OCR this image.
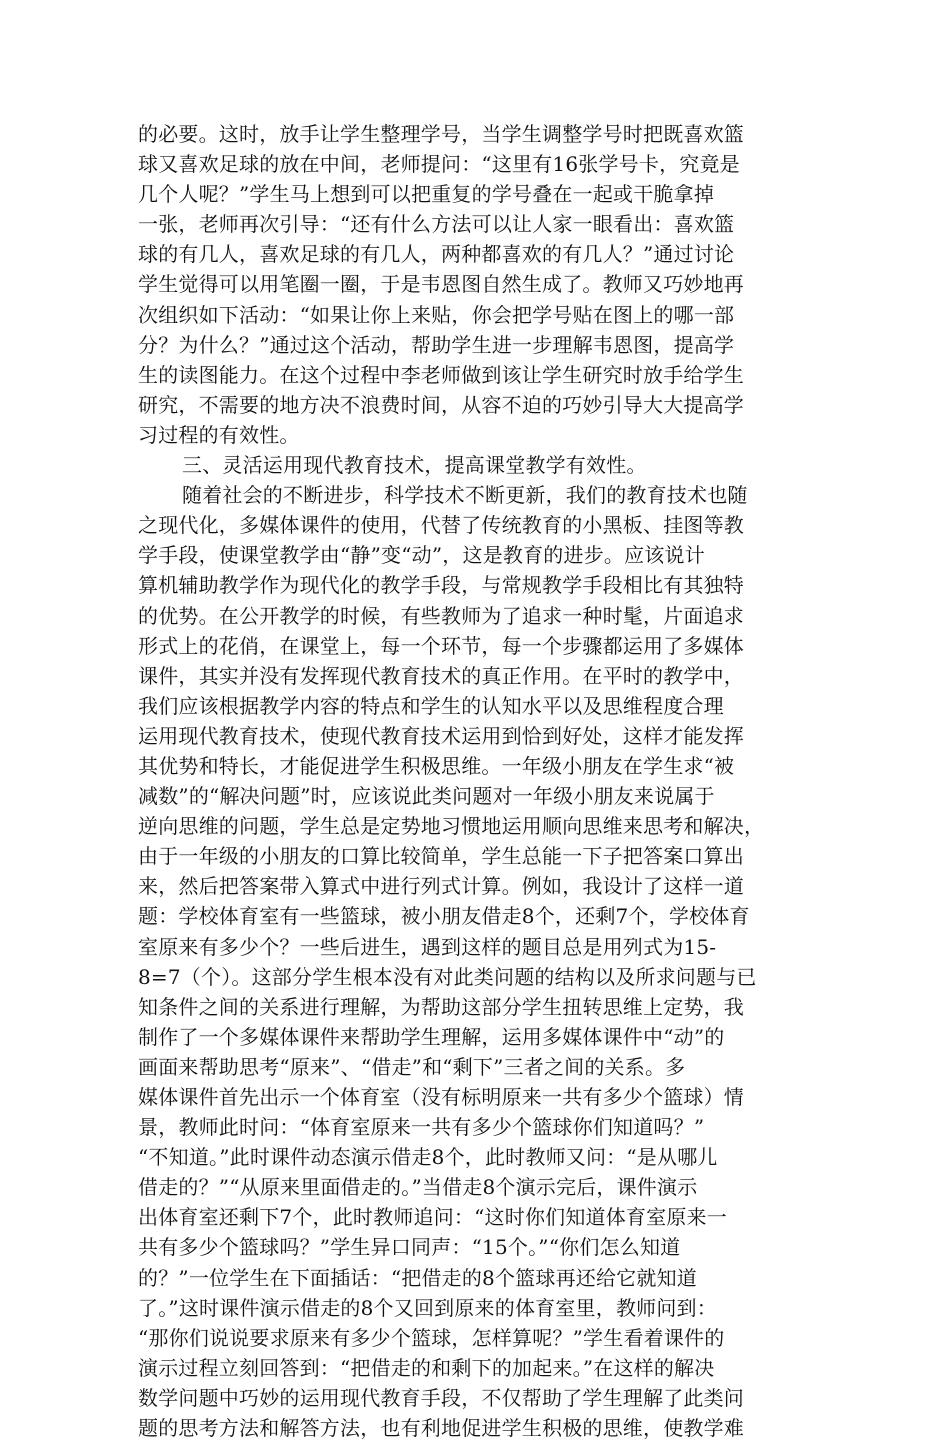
的必要。这时，放手让学生整理学号，当学生调整学号时把既喜欢篮
球又喜欢足球的放在中间，老师提问：“这里有16张学号卡，究竟是
几个人呢？”学生马上想到可以把重复的学号叠在一起或干脆拿掉
一张，老师再次引导：“还有什么方法可以让人家一眼看出：喜欢篮
球的有几人，喜欢足球的有几人，两种都喜欢的有几人？”通过讨论
学生觉得可以用笔圈一圈，于是韦恩图自然生成了。教师又巧妙地再
次组织如下活动：“如果让你上来贴，你会把学号贴在图上的哪一部
分？为什么？”通过这个活动，帮助学生进一步理解韦恩图，提高学
生的读图能力。在这个过程中李老师做到该让学生研究时放手给学生
研究，不需要的地方决不浪费时间，从容不迫的巧妙引导大大提高学
习过程的有效性。
三、灵活运用现代教育技术，提高课堂教学有效性。
随着社会的不断进步，科学技术不断更新，我们的教育技术也随
之现代化，多媒体课件的使用，代替了传统教育的小黑板、挂图等教
学手段，使课堂教学由“静”变“动”，这是教育的进步。应该说计
算机辅助教学作为现代化的教学手段，与常规教学手段相比有其独特
的优势。在公开教学的时候，有些教师为了追求一种时髦，片面追求
形式上的花俏，在课堂上，每一个环节，每一个步骤都运用了多媒体
课件，其实并没有发挥现代教育技术的真正作用。在平时的教学中，
我们应该根据教学内容的特点和学生的认知水平以及思维程度合理
运用现代教育技术，使现代教育技术运用到恰到好处，这样才能发挥
其优势和特长，才能促进学生积极思维。一年级小朋友在学生求“被
减数”的“解决问题”时，应该说此类问题对一年级小朋友来说属于
逆向思维的问题，学生总是定势地习惯地运用顺向思维来思考和解决，
由于一年级的小朋友的口算比较简单，学生总能一下子把答案口算出
来，然后把答案带入算式中进行列式计算。例如，我设计了这样一道
题：学校体育室有一些篮球，被小朋友借走8个，还剩7个，学校体育
室原来有多少个？一些后进生，遇到这样的题目总是用列式为15-
8=7（个）。这部分学生根本没有对此类问题的结构以及所求问题与已
知条件之间的关系进行理解，为帮助这部分学生扭转思维上定势，我
制作了一个多媒体课件来帮助学生理解，运用多媒体课件中“动”的
画面来帮助思考“原来”、“借走”和“剩下”三者之间的关系。多
媒体课件首先出示一个体育室（没有标明原来一共有多少个篮球）情
景，教师此时问：“体育室原来一共有多少个篮球你们知道吗？”
“不知道。”此时课件动态演示借走8个，此时教师又问：“是从哪儿
借走的？”“从原来里面借走的。”当借走8个演示完后，课件演示
出体育室还剩下7个，此时教师追问：“这时你们知道体育室原来一
共有多少个篮球吗？”学生异口同声：“15个。”“你们怎么知道
的？”一位学生在下面插话：“把借走的8个篮球再还给它就知道
了。”这时课件演示借走的8个又回到原来的体育室里，教师问到：
“那你们说说要求原来有多少个篮球，怎样算呢？”学生看着课件的
演示过程立刻回答到：“把借走的和剩下的加起来。”在这样的解决
数学问题中巧妙的运用现代教育手段，不仅帮助了学生理解了此类问
题的思考方法和解答方法，也有利地促进学生积极的思维，使教学难
